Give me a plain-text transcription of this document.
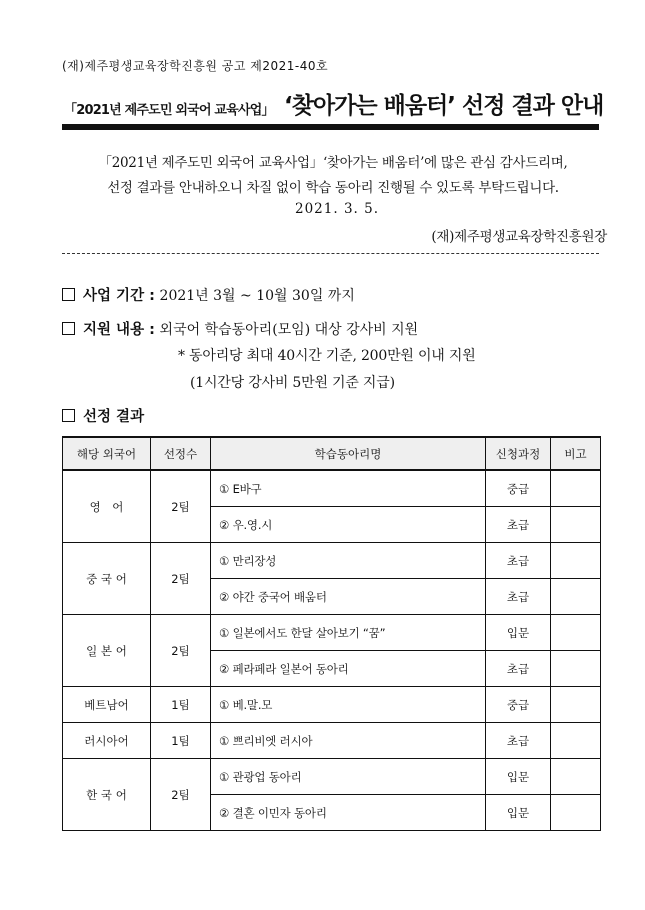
(재)제주평생교육장학진흥원 공고 제2021-40호
「2021년 제주도민 외국어 교육사업」 ‘찾아가는 배움터’ 선정 결과 안내

「2021년 제주도민 외국어 교육사업」‘찾아가는 배움터’에 많은 관심 감사드리며,

선정 결과를 안내하오니 차질 없이 학습 동아리 진행될 수 있도록 부탁드립니다.

2021. 3. 5.
(재)제주평생교육장학진흥원장
사업 기간 : 2021년 3월 ~ 10월 30일 까지
지원 내용 : 외국어 학습동아리(모임) 대상 강사비 지원
* 동아리당 최대 40시간 기준, 200만원 이내 지원
(1시간당 강사비 5만원 기준 지급)
선정 결과
해당 외국어	선정수	학습동아리명	신청과정	비고
영　어	2팀	① E바구	중급	
		② 우.영.시	초급	
중 국 어	2팀	① 만리장성	초급	
		② 야간 중국어 배움터	초급	
일 본 어	2팀	① 일본에서도 한달 살아보기 “꿈”	입문	
		② 페라페라 일본어 동아리	초급	
베트남어	1팀	① 베.말.모	중급	
러시아어	1팀	① 쁘리비엣 러시아	초급	
한 국 어	2팀	① 관광업 동아리	입문	
		② 결혼 이민자 동아리	입문	
